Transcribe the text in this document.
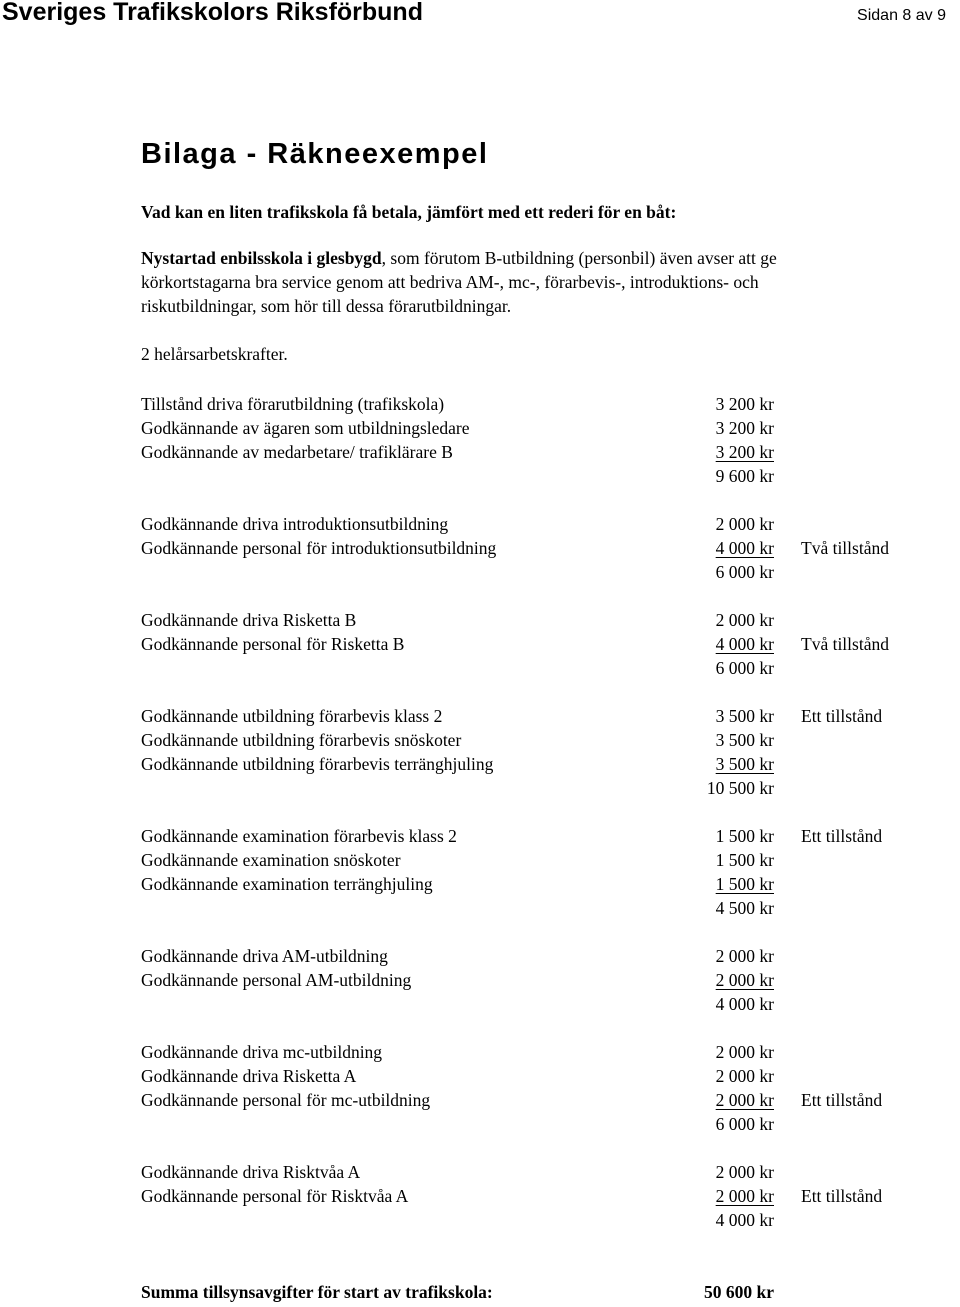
Sveriges Trafikskolors Riksförbund	Sidan 8 av 9
Bilaga - Räkneexempel
Vad kan en liten trafikskola få betala, jämfört med ett rederi för en båt:

Nystartad enbilsskola i glesbygd, som förutom B-utbildning (personbil) även avser att ge

körkortstagarna bra service genom att bedriva AM-, mc-, förarbevis-, introduktions- och

riskutbildningar, som hör till dessa förarutbildningar.

2 helårsarbetskrafter.
Tillstånd driva förarutbildning (trafikskola)	3 200 kr
Godkännande av ägaren som utbildningsledare	3 200 kr
Godkännande av medarbetare/ trafiklärare B	3 200 kr
9 600 kr
Godkännande driva introduktionsutbildning	2 000 kr
Godkännande personal för introduktionsutbildning	4 000 kr Två tillstånd
6 000 kr
Godkännande driva Risketta B	2 000 kr
Godkännande personal för Risketta B	4 000 kr Två tillstånd
6 000 kr
Godkännande utbildning förarbevis klass 2	3 500 kr Ett tillstånd
Godkännande utbildning förarbevis snöskoter	3 500 kr
Godkännande utbildning förarbevis terränghjuling	3 500 kr
10 500 kr
Godkännande examination förarbevis klass 2	1 500 kr Ett tillstånd
Godkännande examination snöskoter	1 500 kr
Godkännande examination terränghjuling	1 500 kr
4 500 kr
Godkännande driva AM-utbildning	2 000 kr
Godkännande personal AM-utbildning	2 000 kr
4 000 kr
Godkännande driva mc-utbildning	2 000 kr
Godkännande driva Risketta A	2 000 kr
Godkännande personal för mc-utbildning	2 000 kr Ett tillstånd
6 000 kr
Godkännande driva Risktvåa A	2 000 kr
Godkännande personal för Risktvåa A	2 000 kr Ett tillstånd
4 000 kr
Summa tillsynsavgifter för start av trafikskola:	50 600 kr
